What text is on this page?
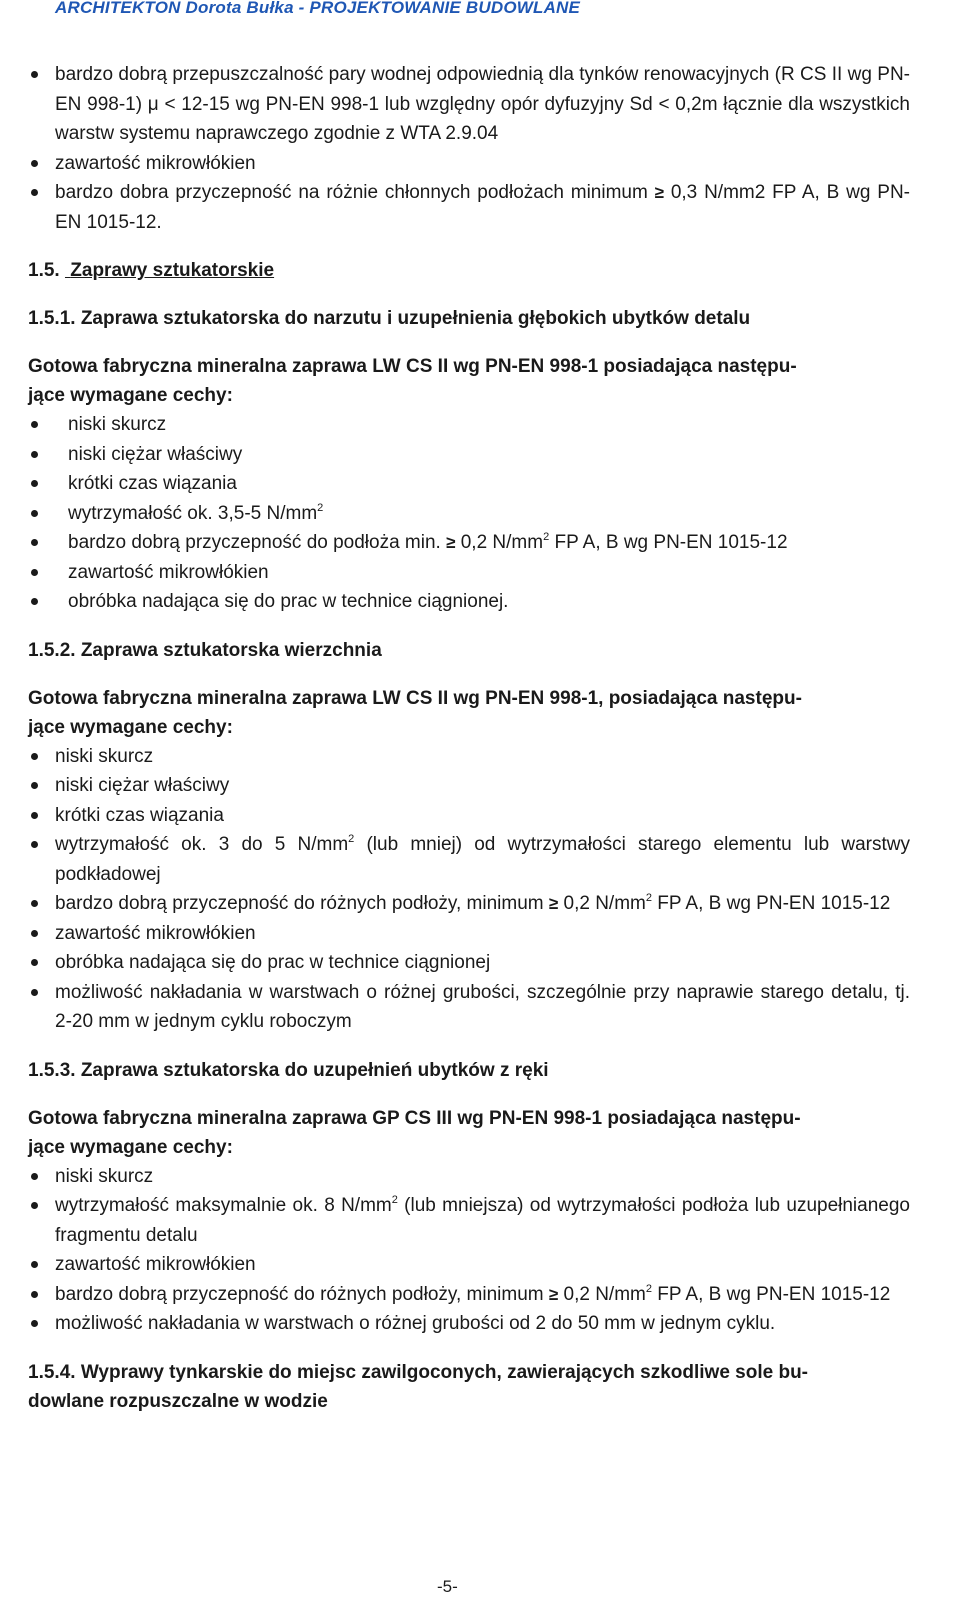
ARCHITEKTON Dorota Bułka - PROJEKTOWANIE BUDOWLANE
bardzo dobrą przepuszczalność pary wodnej odpowiednią dla tynków renowacyjnych (R CS II wg PN-EN 998-1) μ < 12-15 wg PN-EN 998-1 lub względny opór dyfuzyjny Sd < 0,2m łącznie dla wszystkich warstw systemu naprawczego zgodnie z WTA 2.9.04
zawartość mikrowłókien
bardzo dobra przyczepność na różnie chłonnych podłożach minimum ≥ 0,3 N/mm2 FP A, B wg PN-EN 1015-12.
1.5. Zaprawy sztukatorskie
1.5.1. Zaprawa sztukatorska do narzutu i uzupełnienia głębokich ubytków detalu
Gotowa fabryczna mineralna zaprawa LW CS II wg PN-EN 998-1 posiadająca następu-
jące wymagane cechy:
niski skurcz
niski ciężar właściwy
krótki czas wiązania
wytrzymałość ok. 3,5-5 $N/mm^2$
bardzo dobrą przyczepność do podłoża min. ≥ 0,2 $N/mm^2$ FP A, B wg PN-EN 1015-12
zawartość mikrowłókien
obróbka nadająca się do prac w technice ciągnionej.
1.5.2. Zaprawa sztukatorska wierzchnia
Gotowa fabryczna mineralna zaprawa LW CS II wg PN-EN 998-1, posiadająca następu-
jące wymagane cechy:
niski skurcz
niski ciężar właściwy
krótki czas wiązania
wytrzymałość ok. 3 do 5 $N/mm^2$ (lub mniej) od wytrzymałości starego elementu lub warstwy podkładowej
bardzo dobrą przyczepność do różnych podłoży, minimum ≥ 0,2 $N/mm^2$ FP A, B wg PN-EN 1015-12
zawartość mikrowłókien
obróbka nadająca się do prac w technice ciągnionej
możliwość nakładania w warstwach o różnej grubości, szczególnie przy naprawie starego detalu, tj. 2-20 mm w jednym cyklu roboczym
1.5.3. Zaprawa sztukatorska do uzupełnień ubytków z ręki
Gotowa fabryczna mineralna zaprawa GP CS III wg PN-EN 998-1 posiadająca następu-
jące wymagane cechy:
niski skurcz
wytrzymałość maksymalnie ok. 8 $N/mm^2$ (lub mniejsza) od wytrzymałości podłoża lub uzupełnianego fragmentu detalu
zawartość mikrowłókien
bardzo dobrą przyczepność do różnych podłoży, minimum ≥ 0,2 $N/mm^2$ FP A, B wg PN-EN 1015-12
możliwość nakładania w warstwach o różnej grubości od 2 do 50 mm w jednym cyklu.
1.5.4. Wyprawy tynkarskie do miejsc zawilgoconych, zawierających szkodliwe sole bu-
dowlane rozpuszczalne w wodzie
-5-
